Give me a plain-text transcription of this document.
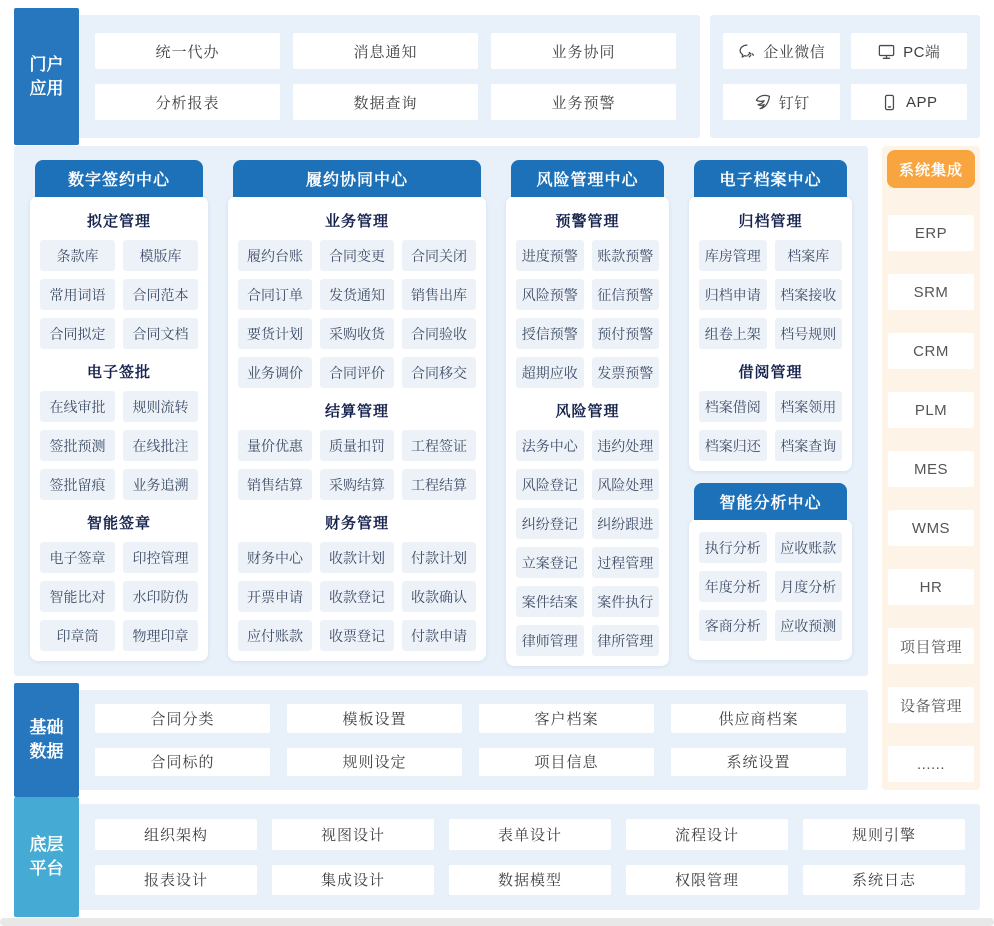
门户应用
统一代办	消息通知	业务协同
分析报表	数据查询	业务预警
企业微信	PC端
钉钉	APP
数字签约中心
拟定管理
条款库	模版库
常用词语	合同范本
合同拟定	合同文档
电子签批
在线审批	规则流转
签批预测	在线批注
签批留痕	业务追溯
智能签章
电子签章	印控管理
智能比对	水印防伪
印章筒	物理印章
履约协同中心
业务管理
履约台账	合同变更	合同关闭
合同订单	发货通知	销售出库
要货计划	采购收货	合同验收
业务调价	合同评价	合同移交
结算管理
量价优惠	质量扣罚	工程签证
销售结算	采购结算	工程结算
财务管理
财务中心	收款计划	付款计划
开票申请	收款登记	收款确认
应付账款	收票登记	付款申请
风险管理中心
预警管理
进度预警	账款预警
风险预警	征信预警
授信预警	预付预警
超期应收	发票预警
风险管理
法务中心	违约处理
风险登记	风险处理
纠纷登记	纠纷跟进
立案登记	过程管理
案件结案	案件执行
律师管理	律所管理
电子档案中心
归档管理
库房管理	档案库
归档申请	档案接收
组卷上架	档号规则
借阅管理
档案借阅	档案领用
档案归还	档案查询
智能分析中心
执行分析	应收账款
年度分析	月度分析
客商分析	应收预测
系统集成
ERP
SRM
CRM
PLM
MES
WMS
HR
项目管理
设备管理
......
基础数据
合同分类	模板设置	客户档案	供应商档案
合同标的	规则设定	项目信息	系统设置
底层平台
组织架构	视图设计	表单设计	流程设计	规则引擎
报表设计	集成设计	数据模型	权限管理	系统日志
